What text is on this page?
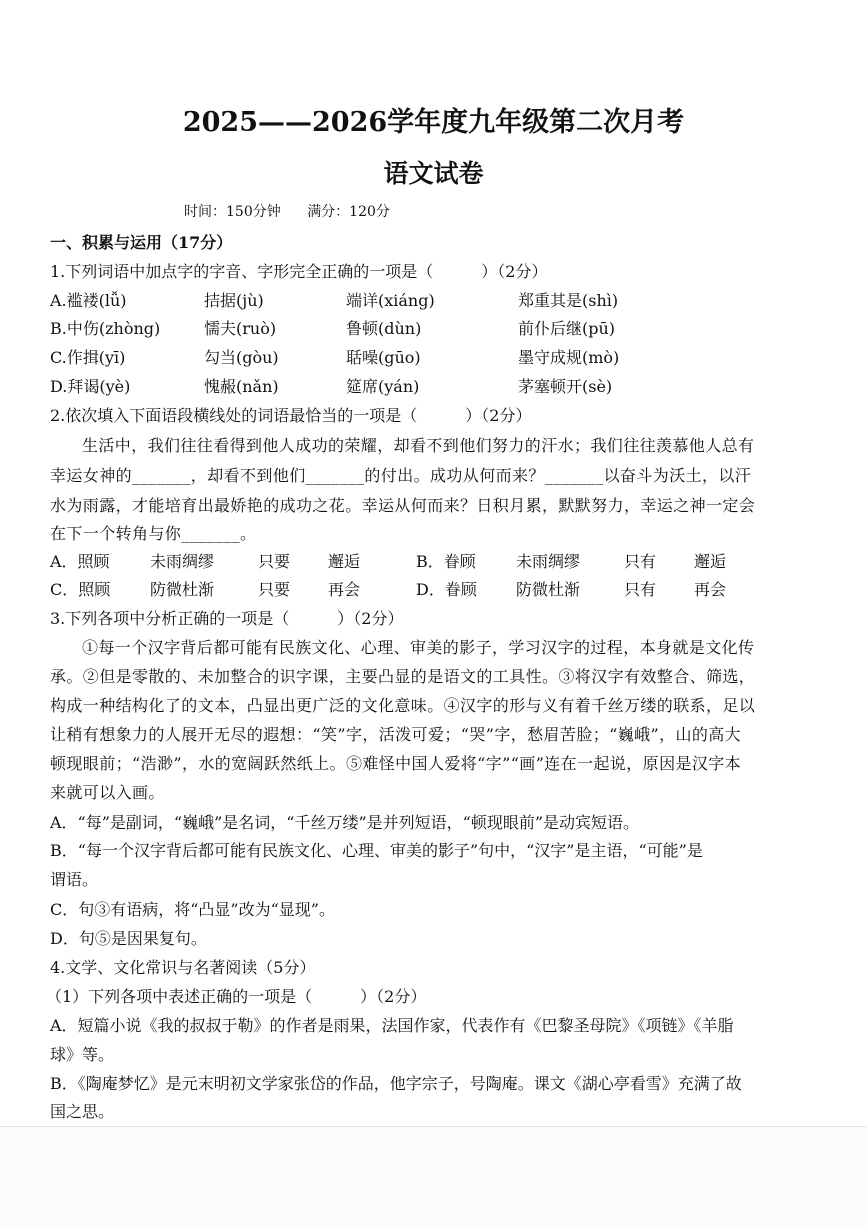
2025——2026学年度九年级第二次月考
语文试卷
时间：150分钟 满分：120分
一、积累与运用（17分）
1.下列词语中加点字的字音、字形完全正确的一项是（　　　）（2分）
A.褴褛(lǚ)	拮据(jù)	端详(xiáng)	郑重其是(shì)
B.中伤(zhòng)	懦夫(ruò)	鲁顿(dùn)	前仆后继(pū)
C.作揖(yī)	勾当(gòu)	聒噪(gūo)	墨守成规(mò)
D.拜谒(yè)	愧赧(nǎn)	筵席(yán)	茅塞顿开(sè)
2.依次填入下面语段横线处的词语最恰当的一项是（　　　）（2分）
生活中，我们往往看得到他人成功的荣耀，却看不到他们努力的汗水；我们往往羡慕他人总有
幸运女神的_______，却看不到他们_______的付出。成功从何而来？_______以奋斗为沃土，以汗
水为雨露，才能培育出最娇艳的成功之花。幸运从何而来？日积月累，默默努力，幸运之神一定会
在下一个转角与你_______。
A．照顾	未雨绸缪	只要 邂逅	B．眷顾	未雨绸缪	只有 邂逅
C．照顾 防微杜渐	只要 再会	D．眷顾 防微杜渐	只有 再会
3.下列各项中分析正确的一项是（　　　）（2分）
①每一个汉字背后都可能有民族文化、心理、审美的影子，学习汉字的过程，本身就是文化传
承。②但是零散的、未加整合的识字课，主要凸显的是语文的工具性。③将汉字有效整合、筛选，
构成一种结构化了的文本，凸显出更广泛的文化意味。④汉字的形与义有着千丝万缕的联系，足以
让稍有想象力的人展开无尽的遐想：“笑”字，活泼可爱；“哭”字，愁眉苦脸；“巍峨”，山的高大
顿现眼前；“浩渺”，水的宽阔跃然纸上。⑤难怪中国人爱将“字”“画”连在一起说，原因是汉字本
来就可以入画。
A．“每”是副词，“巍峨”是名词，“千丝万缕”是并列短语，“顿现眼前”是动宾短语。
B．“每一个汉字背后都可能有民族文化、心理、审美的影子”句中，“汉字”是主语，“可能”是
谓语。
C．句③有语病，将“凸显”改为“显现”。
D．句⑤是因果复句。
4.文学、文化常识与名著阅读（5分）
（1）下列各项中表述正确的一项是（　　　）（2分）
A．短篇小说《我的叔叔于勒》的作者是雨果，法国作家，代表作有《巴黎圣母院》《项链》《羊脂
球》等。
B．《陶庵梦忆》是元末明初文学家张岱的作品，他字宗子，号陶庵。课文《湖心亭看雪》充满了故
国之思。
